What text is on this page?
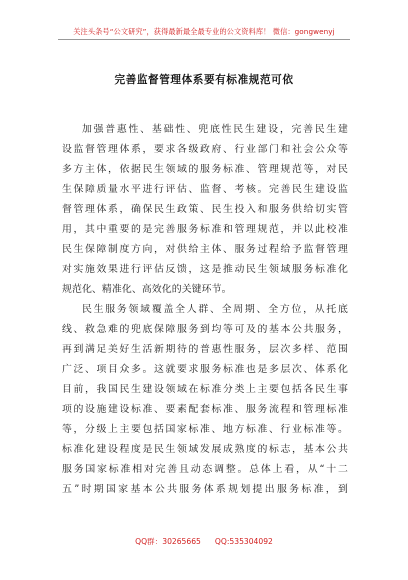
关注头条号“公文研究”，获得最新最全最专业的公文资料库！ 微信：gongwenyj
完善监督管理体系要有标准规范可依
加强普惠性、基础性、兜底性民生建设，完善民生建
设监督管理体系，要求各级政府、行业部门和社会公众等
多方主体，依据民生领域的服务标准、管理规范等，对民
生保障质量水平进行评估、监督、考核。完善民生建设监
督管理体系，确保民生政策、民生投入和服务供给切实管
用，其中重要的是完善服务标准和管理规范，并以此校准
民生保障制度方向，对供给主体、服务过程给予监督管理
对实施效果进行评估反馈，这是推动民生领域服务标准化
规范化、精准化、高效化的关键环节。
民生服务领域覆盖全人群、全周期、全方位，从托底
线、救急难的兜底保障服务到均等可及的基本公共服务，
再到满足美好生活新期待的普惠性服务，层次多样、范围
广泛、项目众多。这就要求服务标准也是多层次、体系化
目前，我国民生建设领域在标准分类上主要包括各民生事
项的设施建设标准、要素配套标准、服务流程和管理标准
等，分级上主要包括国家标准、地方标准、行业标准等。
标准化建设程度是民生领域发展成熟度的标志，基本公共
服务国家标准相对完善且动态调整。总体上看，从“十二
五”时期国家基本公共服务体系规划提出服务标准，到
QQ群：30265665 QQ:535304092
